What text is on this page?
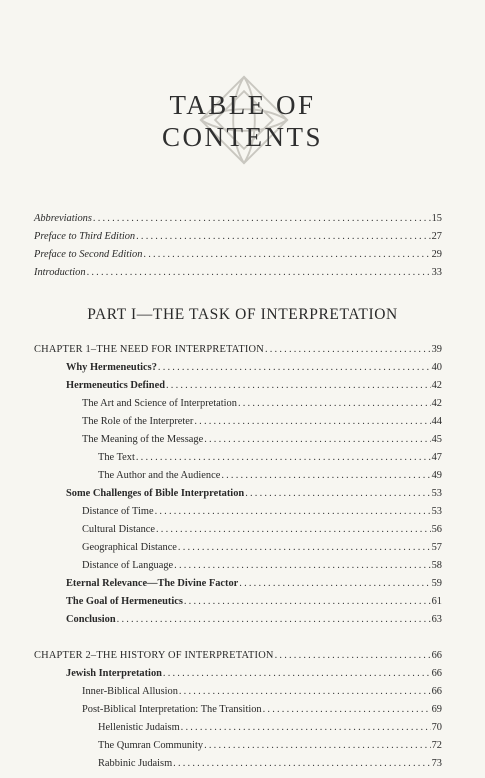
TABLE OF
CONTENTS
Abbreviations . . .	15
Preface to Third Edition . . .	27
Preface to Second Edition . . .	29
Introduction . . .	33
PART I—THE TASK OF INTERPRETATION
CHAPTER 1–THE NEED FOR INTERPRETATION . . .	39
Why Hermeneutics? . . .	40
Hermeneutics Defined . . .	42
The Art and Science of Interpretation . . .	42
The Role of the Interpreter . . .	44
The Meaning of the Message . . .	45
The Text . . .	47
The Author and the Audience . . .	49
Some Challenges of Bible Interpretation . . .	53
Distance of Time . . .	53
Cultural Distance . . .	56
Geographical Distance . . .	57
Distance of Language . . .	58
Eternal Relevance—The Divine Factor . . .	59
The Goal of Hermeneutics . . .	61
Conclusion . . .	63
CHAPTER 2–THE HISTORY OF INTERPRETATION . . .	66
Jewish Interpretation . . .	66
Inner-Biblical Allusion . . .	66
Post-Biblical Interpretation: The Transition . . .	69
Hellenistic Judaism . . .	70
The Qumran Community . . .	72
Rabbinic Judaism . . .	73
